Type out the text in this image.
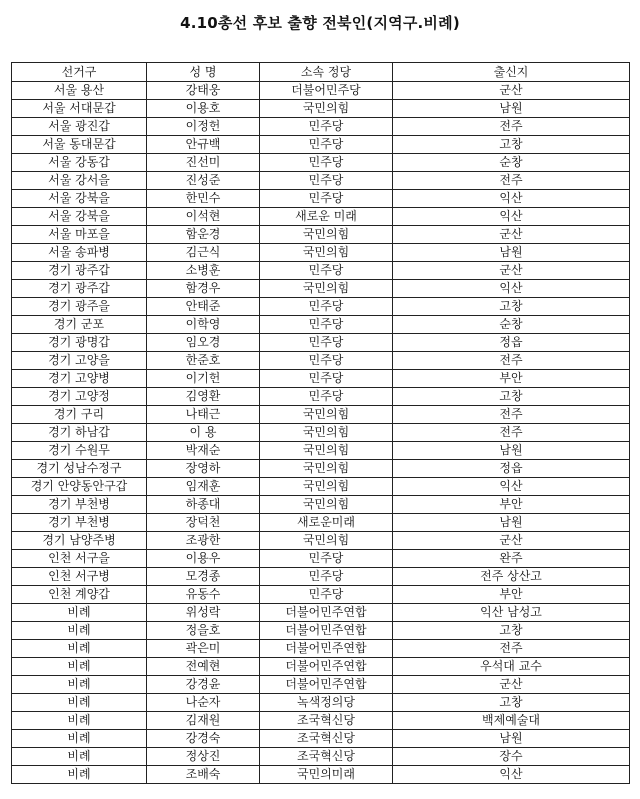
4.10총선 후보 출향 전북인(지역구.비례)
선거구	성 명	소속 정당	출신지
서울 용산	강태웅	더불어민주당	군산
서울 서대문갑	이용호	국민의힘	남원
서울 광진갑	이정헌	민주당	전주
서울 동대문갑	안규백	민주당	고창
서울 강동갑	진선미	민주당	순창
서울 강서을	진성준	민주당	전주
서울 강북을	한민수	민주당	익산
서울 강북을	이석현	새로운 미래	익산
서울 마포을	함운경	국민의힘	군산
서울 송파병	김근식	국민의힘	남원
경기 광주갑	소병훈	민주당	군산
경기 광주갑	함경우	국민의힘	익산
경기 광주을	안태준	민주당	고창
경기 군포	이학영	민주당	순창
경기 광명갑	임오경	민주당	정읍
경기 고양을	한준호	민주당	전주
경기 고양병	이기헌	민주당	부안
경기 고양정	김영환	민주당	고창
경기 구리	나태근	국민의힘	전주
경기 하남갑	이 용	국민의힘	전주
경기 수원무	박재순	국민의힘	남원
경기 성남수정구	장영하	국민의힘	정읍
경기 안양동안구갑	임재훈	국민의힘	익산
경기 부천병	하종대	국민의힘	부안
경기 부천병	장덕천	새로운미래	남원
경기 남양주병	조광한	국민의힘	군산
인천 서구을	이용우	민주당	완주
인천 서구병	모경종	민주당	전주 상산고
인천 계양갑	유동수	민주당	부안
비례	위성락	더불어민주연합	익산 남성고
비례	정을호	더불어민주연합	고창
비례	곽은미	더불어민주연합	전주
비례	전예현	더불어민주연합	우석대 교수
비례	강경윤	더불어민주연합	군산
비례	나순자	녹색정의당	고창
비례	김재원	조국혁신당	백제예술대
비례	강경숙	조국혁신당	남원
비례	정상진	조국혁신당	장수
비례	조배숙	국민의미래	익산
